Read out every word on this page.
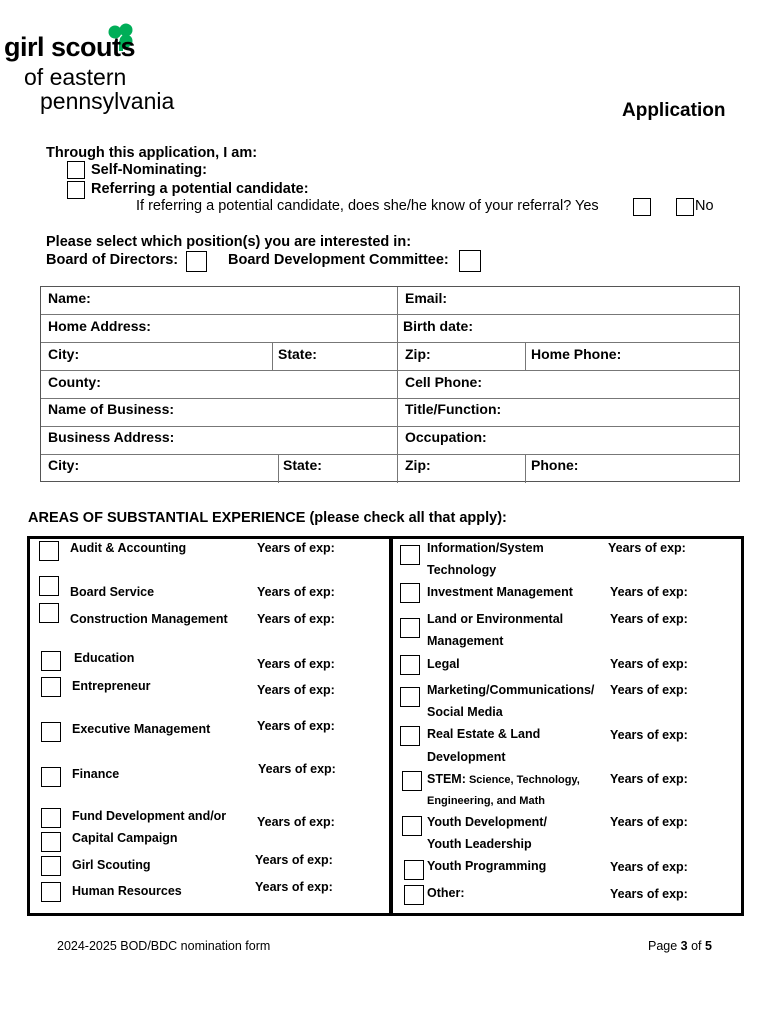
girl scouts
of eastern
pennsylvania	Application
Through this application, I am:
Self-Nominating:
Referring a potential candidate:
If referring a potential candidate, does she/he know of your referral? Yes	No
Please select which position(s) you are interested in:
Board of Directors:	Board Development Committee:
Name:	Email:
Home Address:	Birth date:
City:	State:	Zip:	Home Phone:
County:	Cell Phone:
Name of Business:	Title/Function:
Business Address:	Occupation:
City:	State:	Zip:	Phone:
AREAS OF SUBSTANTIAL EXPERIENCE (please check all that apply):
Audit & Accounting	Years of exp:
Board Service	Years of exp:
Construction Management Years of exp:
Education	Years of exp:
Entrepreneur	Years of exp:
Executive Management	Years of exp:
Finance	Years of exp:
Fund Development and/or
Capital Campaign
Years of exp:
Girl Scouting	Years of exp:
Human Resources	Years of exp:
Information/System
Technology
Years of exp:
Investment Management	Years of exp:
Land or Environmental
Management
Years of exp:
Legal	Years of exp:
Marketing/Communications/
Social Media
Years of exp:
Real Estate & Land
Development
Years of exp:
STEM: Science, Technology,
Engineering, and Math
Years of exp:
Youth Development/
Youth Leadership
Years of exp:
Youth Programming	Years of exp:
Other:	Years of exp:
2024-2025 BOD/BDC nomination form	Page 3 of 5
